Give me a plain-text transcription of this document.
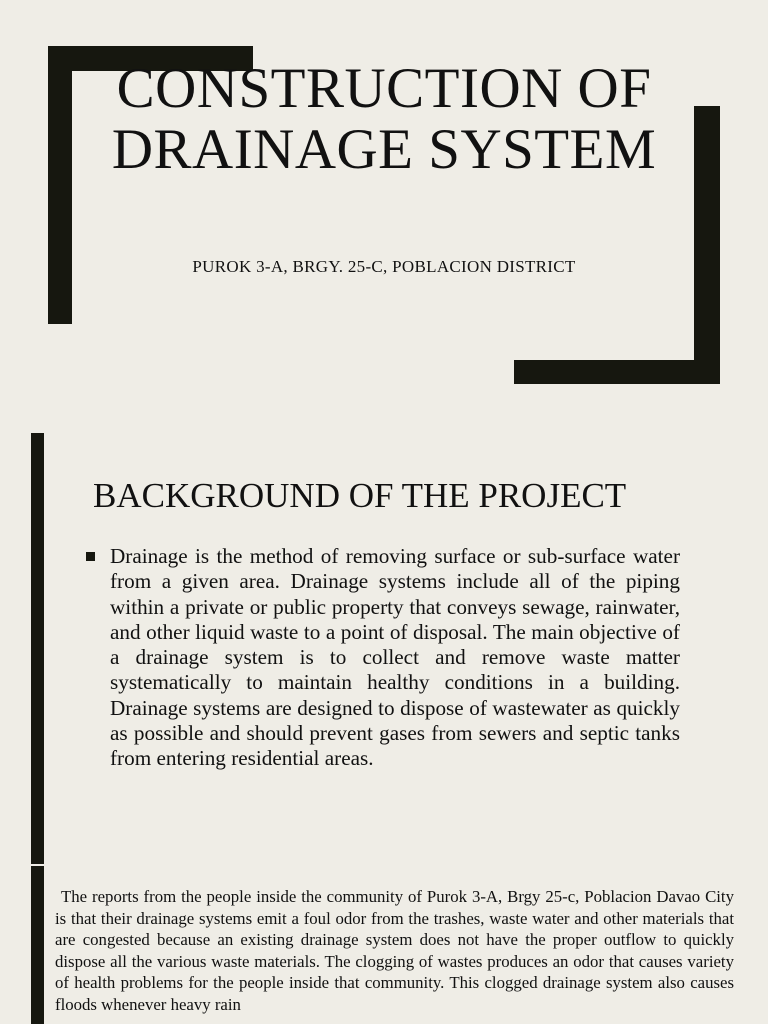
CONSTRUCTION OF DRAINAGE SYSTEM
PUROK 3-A, BRGY. 25-C, POBLACION DISTRICT
BACKGROUND OF THE PROJECT
Drainage is the method of removing surface or sub-surface water from a given area. Drainage systems include all of the piping within a private or public property that conveys sewage, rainwater, and other liquid waste to a point of disposal. The main objective of a drainage system is to collect and remove waste matter systematically to maintain healthy conditions in a building. Drainage systems are designed to dispose of wastewater as quickly as possible and should prevent gases from sewers and septic tanks from entering residential areas.

The reports from the people inside the community of Purok 3-A, Brgy 25-c, Poblacion Davao City is that their drainage systems emit a foul odor from the trashes, waste water and other materials that are congested because an existing drainage system does not have the proper outflow to quickly dispose all the various waste materials. The clogging of wastes produces an odor that causes variety of health problems for the people inside that community. This clogged drainage system also causes floods whenever heavy rain
